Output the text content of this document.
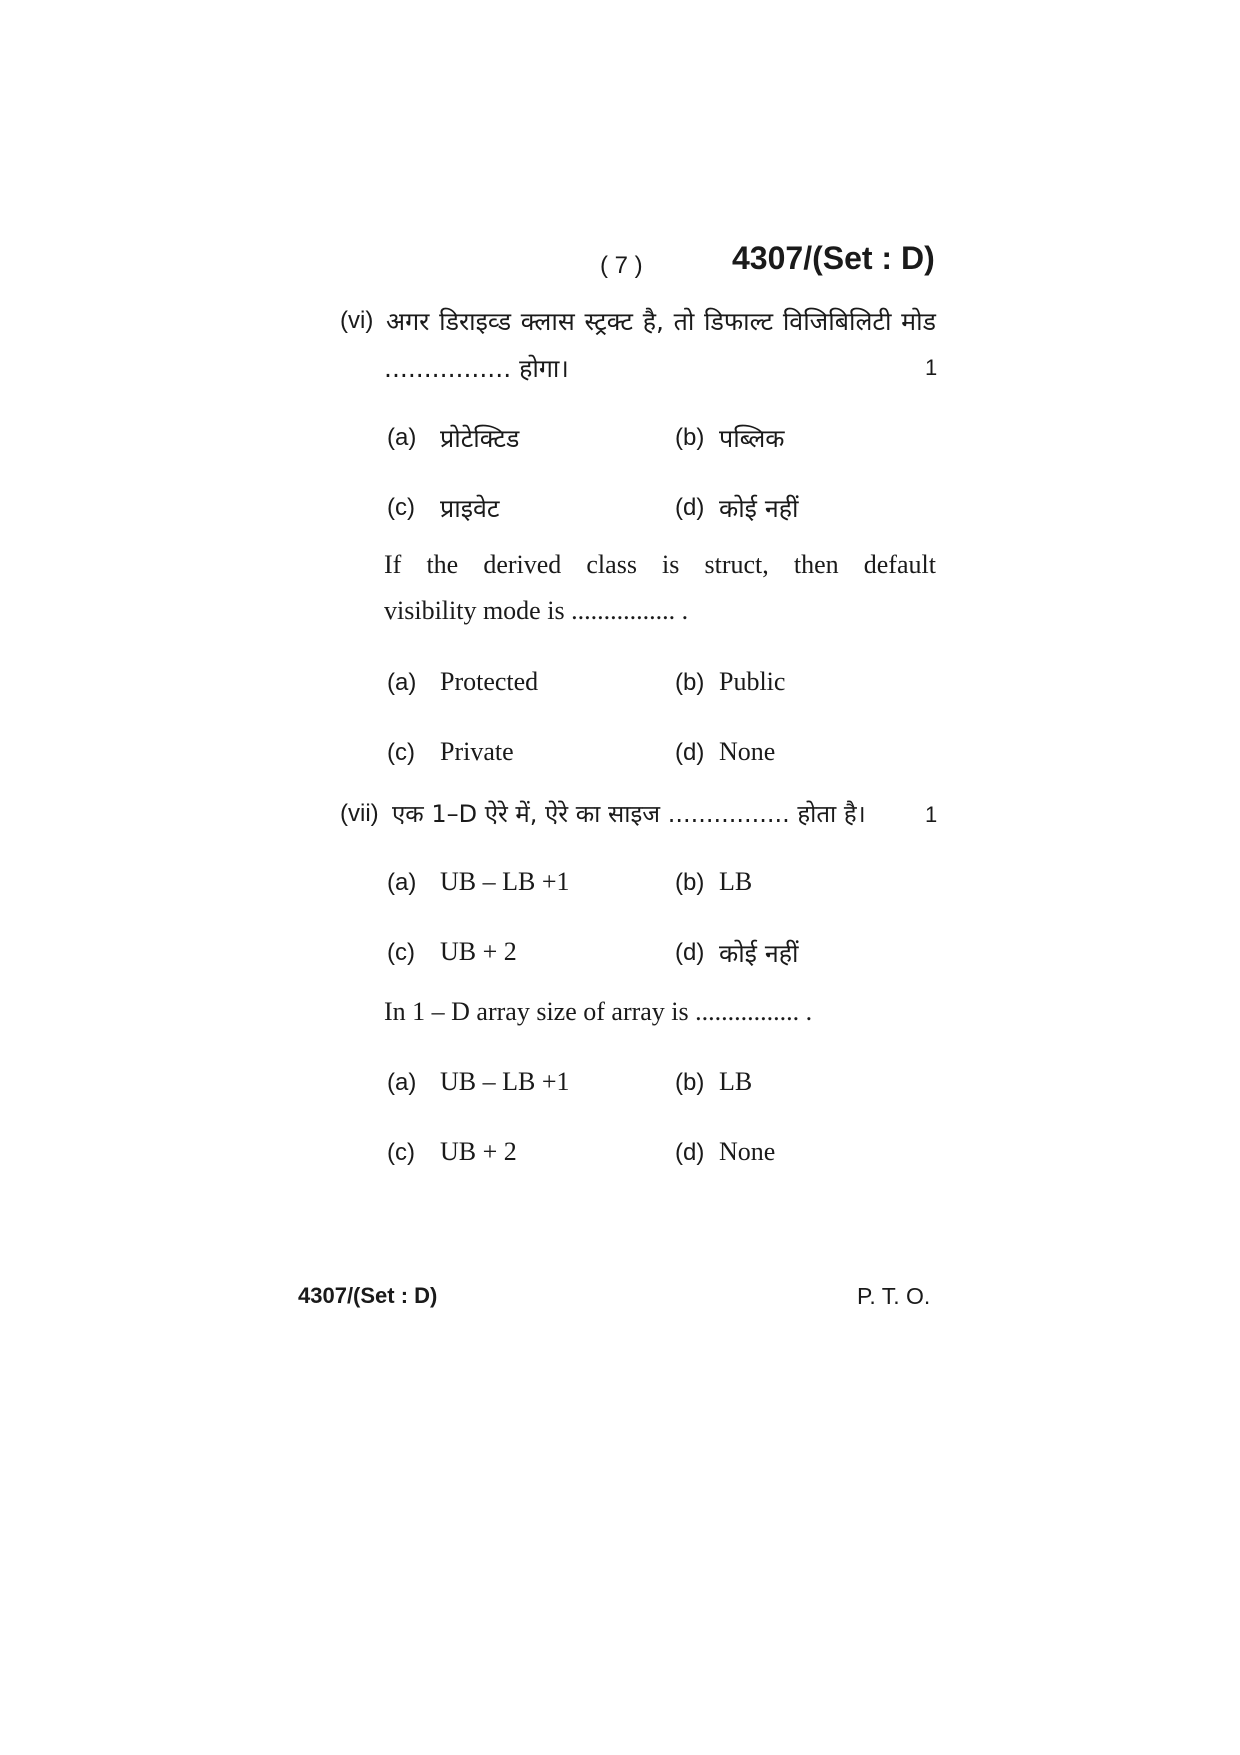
( 7 )	4307/(Set : D)
(vi) अगर डिराइव्ड क्लास स्ट्रक्ट है, तो डिफाल्ट विजिबिलिटी मोड
................ होगा।	1
(a) प्रोटेक्टिड	(b) पब्लिक
(c) प्राइवेट	(d) कोई नहीं
If the derived class is struct, then default
visibility mode is ................ .
(a) Protected	(b) Public
(c) Private	(d) None
(vii) एक 1–D ऐरे में, ऐरे का साइज ................ होता है।	1
(a) UB – LB +1	(b) LB
(c) UB + 2	(d) कोई नहीं
In 1 – D array size of array is ................ .
(a) UB – LB +1	(b) LB
(c) UB + 2	(d) None
4307/(Set : D)	P. T. O.
